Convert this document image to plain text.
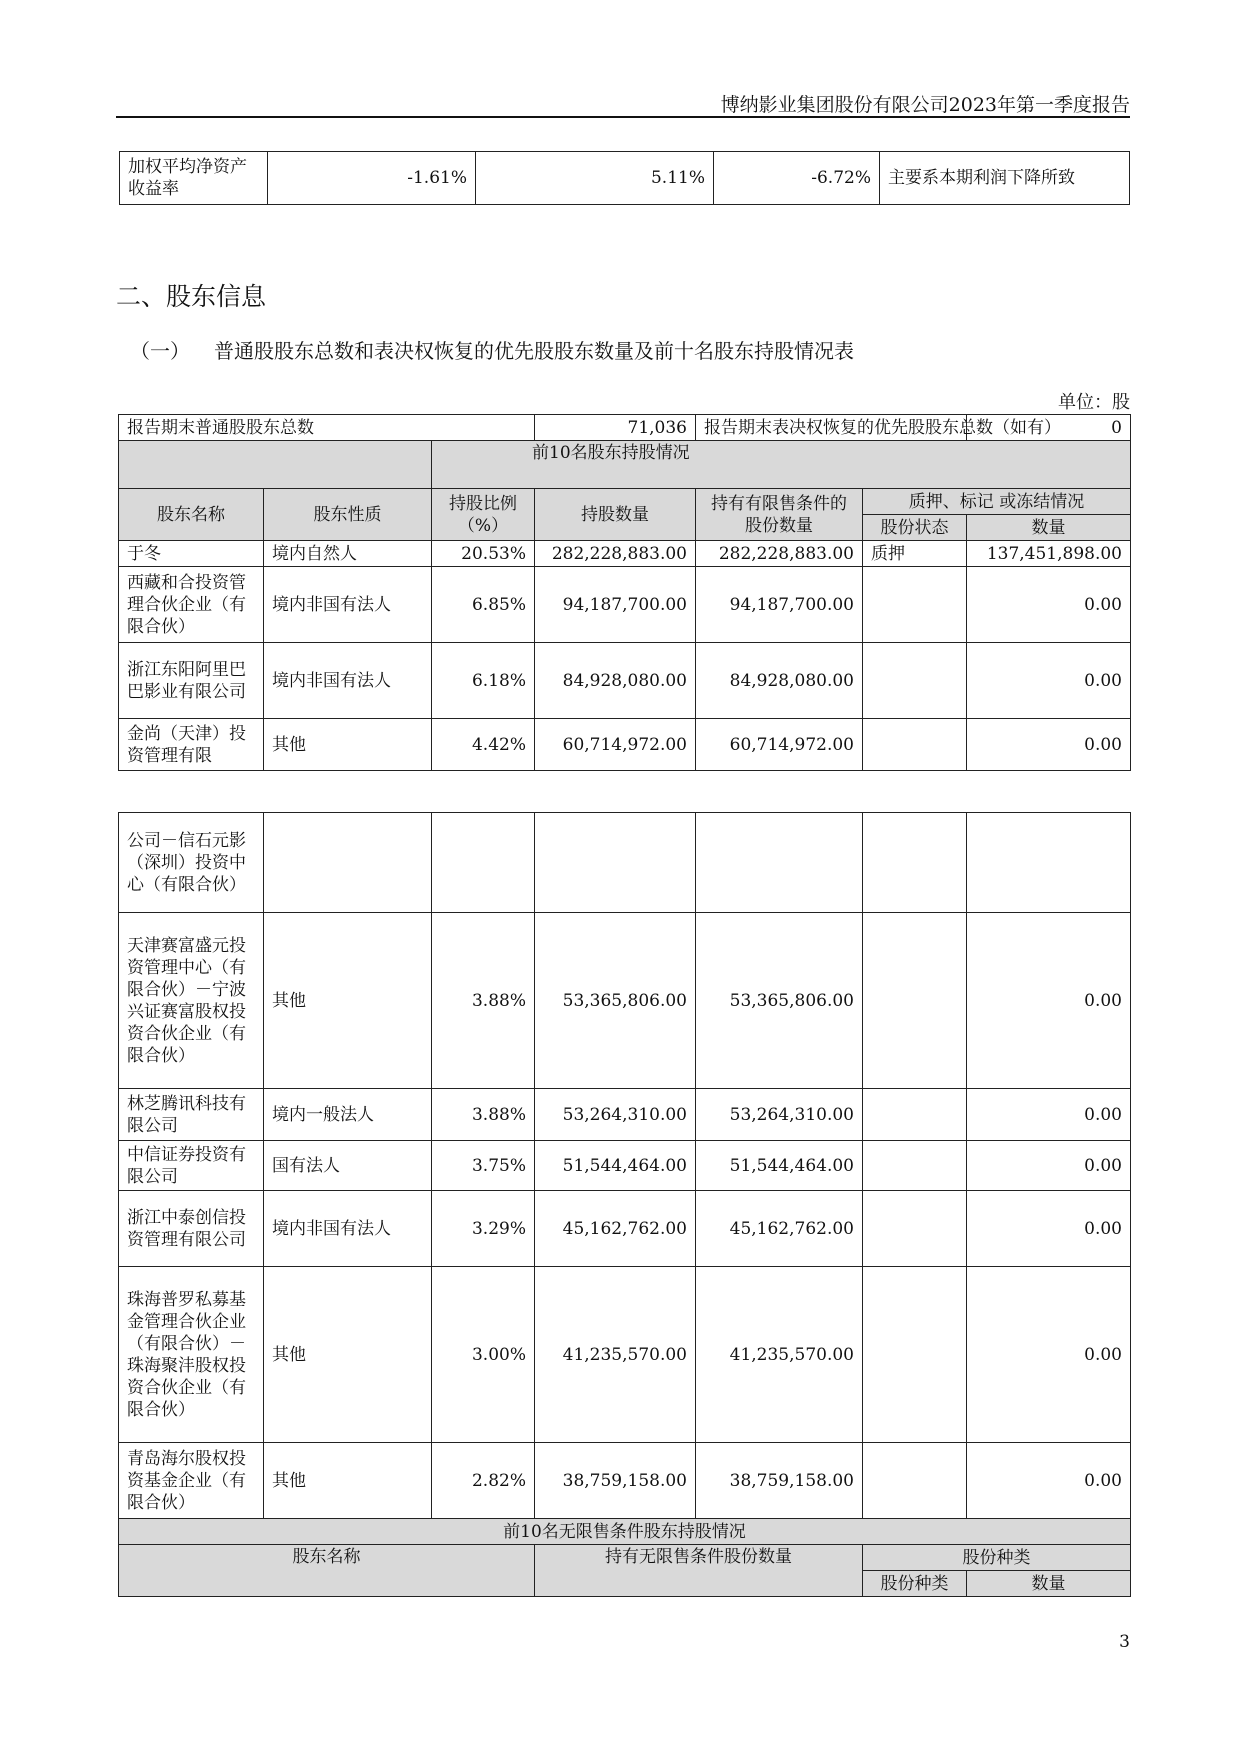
博纳影业集团股份有限公司2023年第一季度报告
加权平均净资产收益率	-1.61%	5.11%	-6.72%	主要系本期利润下降所致
二、股东信息
（一） 普通股股东总数和表决权恢复的优先股股东数量及前十名股东持股情况表
单位：股
报告期末普通股股东总数			71,036	报告期末表决权恢复的优先股股东总数（如有）		0
		前10名股东持股情况				
股东名称	股东性质	持股比例（%）	持股数量	持有有限售条件的股份数量	质押、标记 或冻结情况	
					股份状态	数量
于冬	境内自然人	20.53%	282,228,883.00	282,228,883.00	质押	137,451,898.00
西藏和合投资管理合伙企业（有限合伙）	境内非国有法人	6.85%	94,187,700.00	94,187,700.00		0.00
浙江东阳阿里巴巴影业有限公司	境内非国有法人	6.18%	84,928,080.00	84,928,080.00		0.00
金尚（天津）投资管理有限	其他	4.42%	60,714,972.00	60,714,972.00		0.00
公司－信石元影（深圳）投资中心（有限合伙）						
天津赛富盛元投资管理中心（有限合伙）－宁波兴证赛富股权投资合伙企业（有限合伙）	其他	3.88%	53,365,806.00	53,365,806.00		0.00
林芝腾讯科技有限公司	境内一般法人	3.88%	53,264,310.00	53,264,310.00		0.00
中信证券投资有限公司	国有法人	3.75%	51,544,464.00	51,544,464.00		0.00
浙江中泰创信投资管理有限公司	境内非国有法人	3.29%	45,162,762.00	45,162,762.00		0.00
珠海普罗私募基金管理合伙企业（有限合伙）－珠海聚沣股权投资合伙企业（有限合伙）	其他	3.00%	41,235,570.00	41,235,570.00		0.00
青岛海尔股权投资基金企业（有限合伙）	其他	2.82%	38,759,158.00	38,759,158.00		0.00
前10名无限售条件股东持股情况						
股东名称			持有无限售条件股份数量		股份种类	
					股份种类	数量
3
